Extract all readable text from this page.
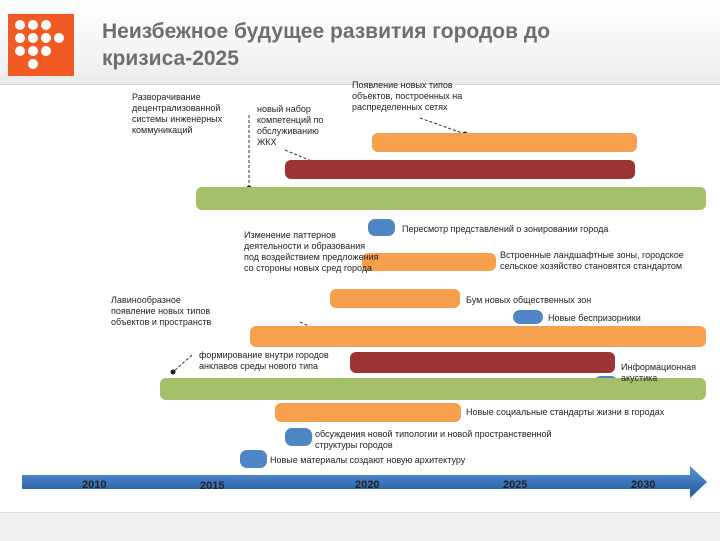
Неизбежное будущее развития городов до кризиса-2025
2010	2015	2020	2025	2030
Разворачивание децентрализованной системы инженерных коммуникаций
новый набор компетенций по обслуживанию ЖКХ
Появление новых типов объектов, построенных на распределенных сетях
Изменение паттернов деятельности и образования под воздействием предложения со стороны новых сред города
Пересмотр представлений о зонировании города
Встроенные ландшафтные зоны, городское сельское хозяйство становятся стандартом
Лавинообразное появление новых типов объектов и пространств
Бум новых общественных зон
Новые беспризорники
формирование внутри городов анклавов среды нового типа	Информационная акустика
Новые социальные стандарты жизни в городах
обсуждения новой типологии и новой пространственной структуры городов
Новые материалы создают новую архитектуру
